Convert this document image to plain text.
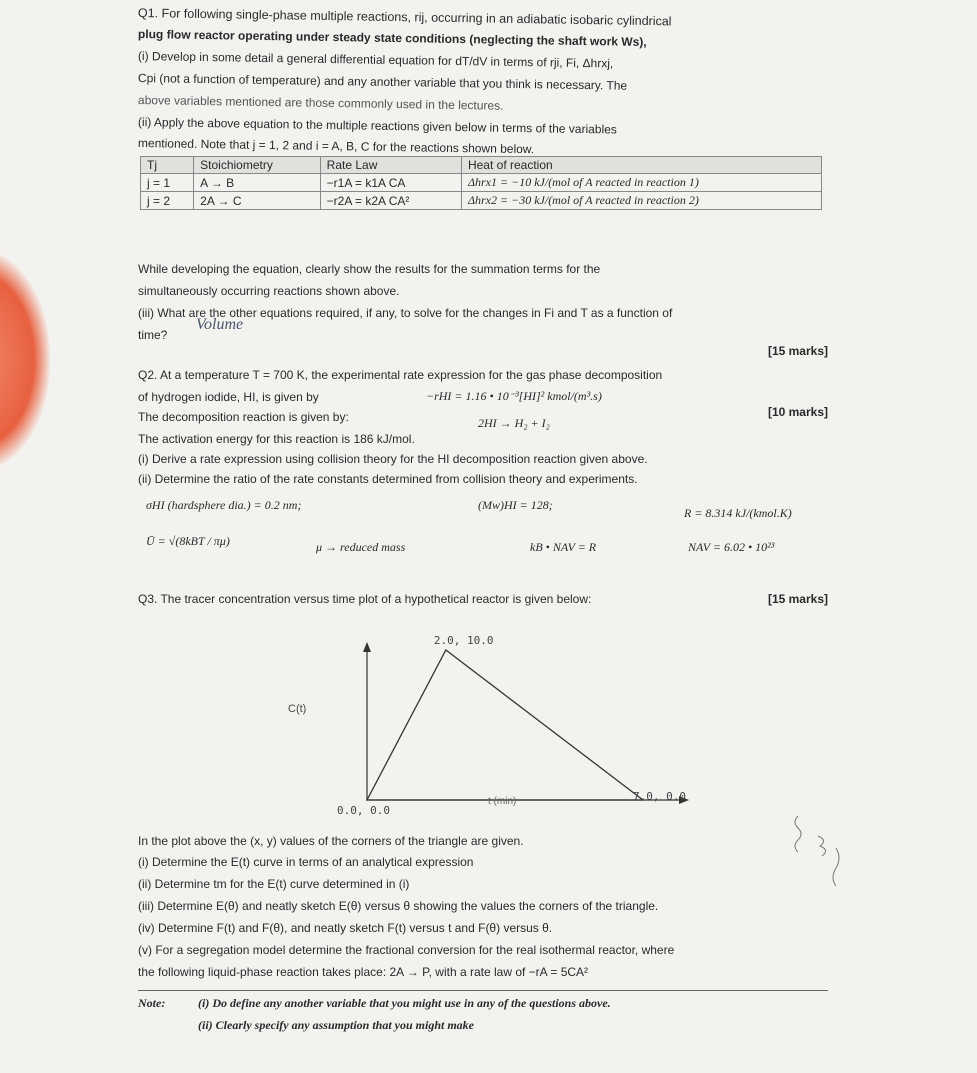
Q1. For following single-phase multiple reactions, rij, occurring in an adiabatic isobaric cylindrical
plug flow reactor operating under steady state conditions (neglecting the shaft work Ws),
(i) Develop in some detail a general differential equation for dT/dV in terms of rji, Fi, Δhrxj,
Cpi (not a function of temperature) and any another variable that you think is necessary. The
above variables mentioned are those commonly used in the lectures.
(ii) Apply the above equation to the multiple reactions given below in terms of the variables
mentioned. Note that j = 1, 2 and i = A, B, C for the reactions shown below.
Tj	Stoichiometry	Rate Law	Heat of reaction
j = 1	A → B	−r1A = k1A CA	Δhrx1 = −10 kJ/(mol of A reacted in reaction 1)
j = 2	2A → C	−r2A = k2A CA²	Δhrx2 = −30 kJ/(mol of A reacted in reaction 2)
While developing the equation, clearly show the results for the summation terms for the
simultaneously occurring reactions shown above.
(iii) What are the other equations required, if any, to solve for the changes in Fi and T as a function of
time?
Volume
[15 marks]
Q2. At a temperature T = 700 K, the experimental rate expression for the gas phase decomposition
of hydrogen iodide, HI, is given by	−rHI = 1.16 • 10⁻³[HI]² kmol/(m³.s)
[10 marks]
The decomposition reaction is given by:	2HI → H₂ + I₂
The activation energy for this reaction is 186 kJ/mol.
(i) Derive a rate expression using collision theory for the HI decomposition reaction given above.
(ii) Determine the ratio of the rate constants determined from collision theory and experiments.
σHI (hardsphere dia.) = 0.2 nm;	(Mw)HI = 128;
R = 8.314 kJ/(kmol.K)
Ū = √(8kBT / πμ)	μ → reduced mass	kB • NAV = R	NAV = 6.02 • 10²³
Q3. The tracer concentration versus time plot of a hypothetical reactor is given below:	[15 marks]
0.0, 0.0
2.0, 10.0
7.0, 0.0
C(t)
t (min)
In the plot above the (x, y) values of the corners of the triangle are given.
(i) Determine the E(t) curve in terms of an analytical expression
(ii) Determine tm for the E(t) curve determined in (i)
(iii) Determine E(θ) and neatly sketch E(θ) versus θ showing the values the corners of the triangle.
(iv) Determine F(t) and F(θ), and neatly sketch F(t) versus t and F(θ) versus θ.
(v) For a segregation model determine the fractional conversion for the real isothermal reactor, where
the following liquid-phase reaction takes place: 2A → P, with a rate law of −rA = 5CA²
Note:	(i) Do define any another variable that you might use in any of the questions above.
(ii) Clearly specify any assumption that you might make
